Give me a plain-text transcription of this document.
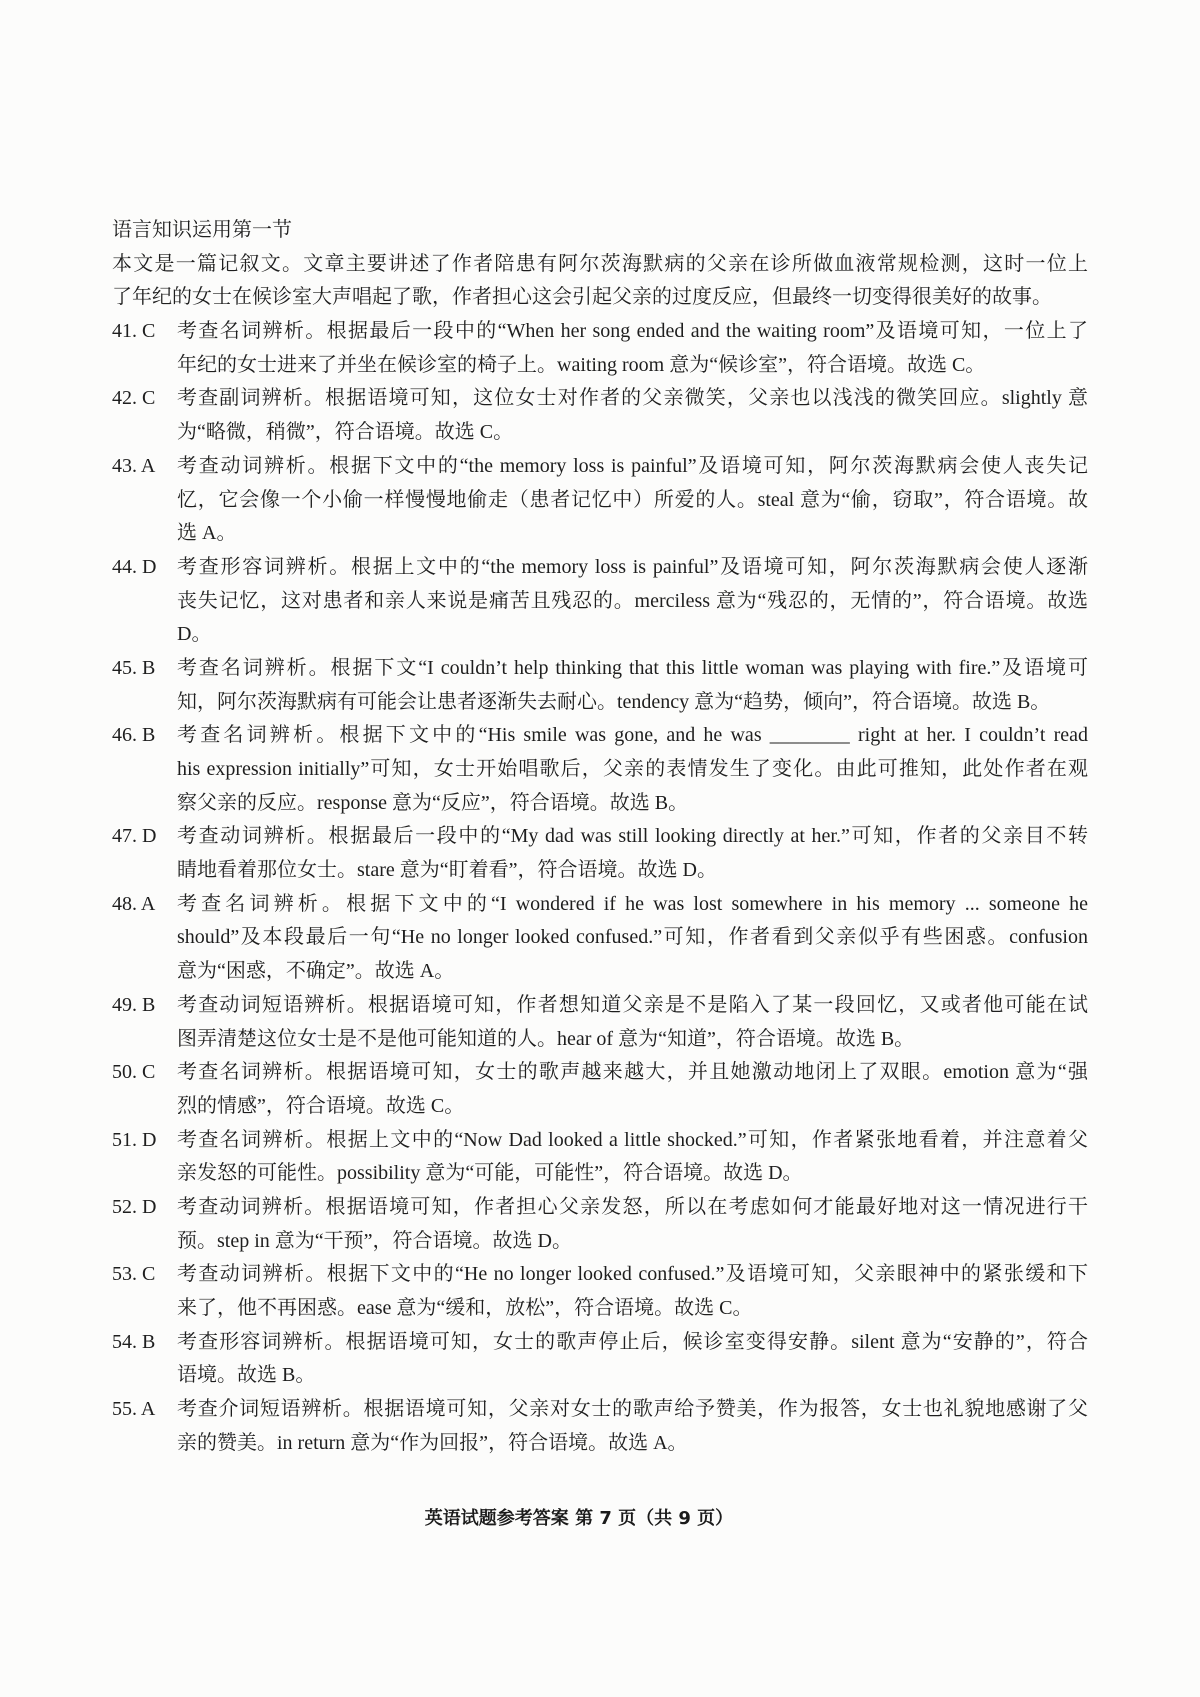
语言知识运用第一节
本文是一篇记叙文。文章主要讲述了作者陪患有阿尔茨海默病的父亲在诊所做血液常规检测，这时一位上
了年纪的女士在候诊室大声唱起了歌，作者担心这会引起父亲的过度反应，但最终一切变得很美好的故事。
41. C	考查名词辨析。根据最后一段中的“When her song ended and the waiting room”及语境可知，一位上了
年纪的女士进来了并坐在候诊室的椅子上。waiting room 意为“候诊室”，符合语境。故选 C。
42. C	考查副词辨析。根据语境可知，这位女士对作者的父亲微笑，父亲也以浅浅的微笑回应。slightly 意
为“略微，稍微”，符合语境。故选 C。
43. A	考查动词辨析。根据下文中的“the memory loss is painful”及语境可知，阿尔茨海默病会使人丧失记
忆，它会像一个小偷一样慢慢地偷走（患者记忆中）所爱的人。steal 意为“偷，窃取”，符合语境。故
选 A。
44. D	考查形容词辨析。根据上文中的“the memory loss is painful”及语境可知，阿尔茨海默病会使人逐渐
丧失记忆，这对患者和亲人来说是痛苦且残忍的。merciless 意为“残忍的，无情的”，符合语境。故选
D。
45. B	考查名词辨析。根据下文“I couldn’t help thinking that this little woman was playing with fire.”及语境可
知，阿尔茨海默病有可能会让患者逐渐失去耐心。tendency 意为“趋势，倾向”，符合语境。故选 B。
46. B	考查名词辨析。根据下文中的“His smile was gone, and he was ________ right at her. I couldn’t read
his expression initially”可知，女士开始唱歌后，父亲的表情发生了变化。由此可推知，此处作者在观
察父亲的反应。response 意为“反应”，符合语境。故选 B。
47. D	考查动词辨析。根据最后一段中的“My dad was still looking directly at her.”可知，作者的父亲目不转
睛地看着那位女士。stare 意为“盯着看”，符合语境。故选 D。
48. A	考查名词辨析。根据下文中的“I wondered if he was lost somewhere in his memory ... someone he
should”及本段最后一句“He no longer looked confused.”可知，作者看到父亲似乎有些困惑。confusion
意为“困惑，不确定”。故选 A。
49. B	考查动词短语辨析。根据语境可知，作者想知道父亲是不是陷入了某一段回忆，又或者他可能在试
图弄清楚这位女士是不是他可能知道的人。hear of 意为“知道”，符合语境。故选 B。
50. C	考查名词辨析。根据语境可知，女士的歌声越来越大，并且她激动地闭上了双眼。emotion 意为“强
烈的情感”，符合语境。故选 C。
51. D	考查名词辨析。根据上文中的“Now Dad looked a little shocked.”可知，作者紧张地看着，并注意着父
亲发怒的可能性。possibility 意为“可能，可能性”，符合语境。故选 D。
52. D	考查动词辨析。根据语境可知，作者担心父亲发怒，所以在考虑如何才能最好地对这一情况进行干
预。step in 意为“干预”，符合语境。故选 D。
53. C	考查动词辨析。根据下文中的“He no longer looked confused.”及语境可知，父亲眼神中的紧张缓和下
来了，他不再困惑。ease 意为“缓和，放松”，符合语境。故选 C。
54. B	考查形容词辨析。根据语境可知，女士的歌声停止后，候诊室变得安静。silent 意为“安静的”，符合
语境。故选 B。
55. A	考查介词短语辨析。根据语境可知，父亲对女士的歌声给予赞美，作为报答，女士也礼貌地感谢了父
亲的赞美。in return 意为“作为回报”，符合语境。故选 A。
英语试题参考答案 第 7 页（共 9 页）
